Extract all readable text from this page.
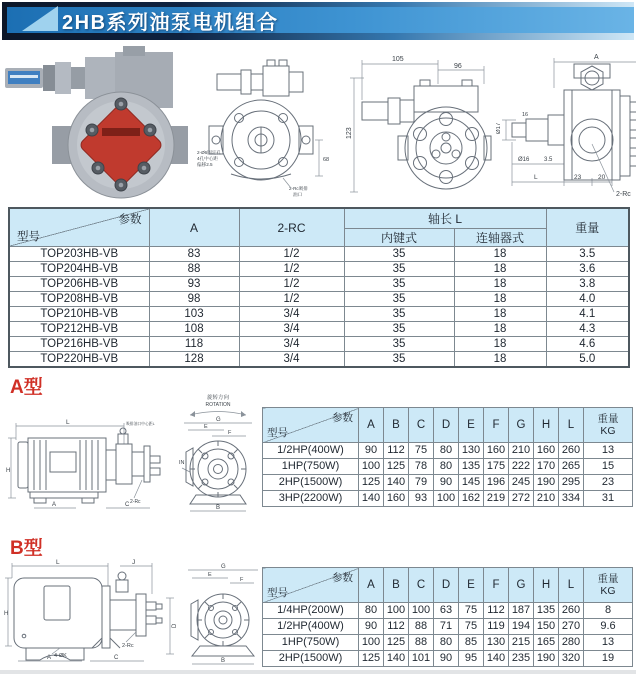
2HB系列油泵电机组合
68
2-Ø6固定孔
4孔中心距
偏移2.5
2-Rc吸排
油口
105
96
123
A
Ø17
16
Ø16 3.5
L	23	20
2-Rc
参数
型号	A	2-RC	轴长 L		重量
			内键式	连轴器式	
TOP203HB-VB	83	1/2	35	18	3.5
TOP204HB-VB	88	1/2	35	18	3.6
TOP206HB-VB	93	1/2	35	18	3.8
TOP208HB-VB	98	1/2	35	18	4.0
TOP210HB-VB	103	3/4	35	18	4.1
TOP212HB-VB	108	3/4	35	18	4.3
TOP216HB-VB	118	3/4	35	18	4.6
TOP220HB-VB	128	3/4	35	18	5.0
A型
L	吸排油口中心距L
H
A	C 2-Rc
旋转方向
ROTATION
G
E
F
B
IN
参数
型号	A	B	C	D	E	F	G	H	L	重量
KG

1/2HP(400W)	90	112	75	80	130	160	210	160	260	13
1HP(750W)	100	125	78	80	135	175	222	170	265	15
2HP(1500W)	125	140	79	90	145	196	245	190	295	23
3HP(2200W)	140	160	93	100	162	219	272	210	334	31
B型
L	J
H
D
A	C
4-ØK
2-Rc
G
E
F
B
参数
型号	A	B	C	D	E	F	G	H	L	重量
KG

1/4HP(200W)	80	100	100	63	75	112	187	135	260	8
1/2HP(400W)	90	112	88	71	75	119	194	150	270	9.6
1HP(750W)	100	125	88	80	85	130	215	165	280	13
2HP(1500W)	125	140	101	90	95	140	235	190	320	19
